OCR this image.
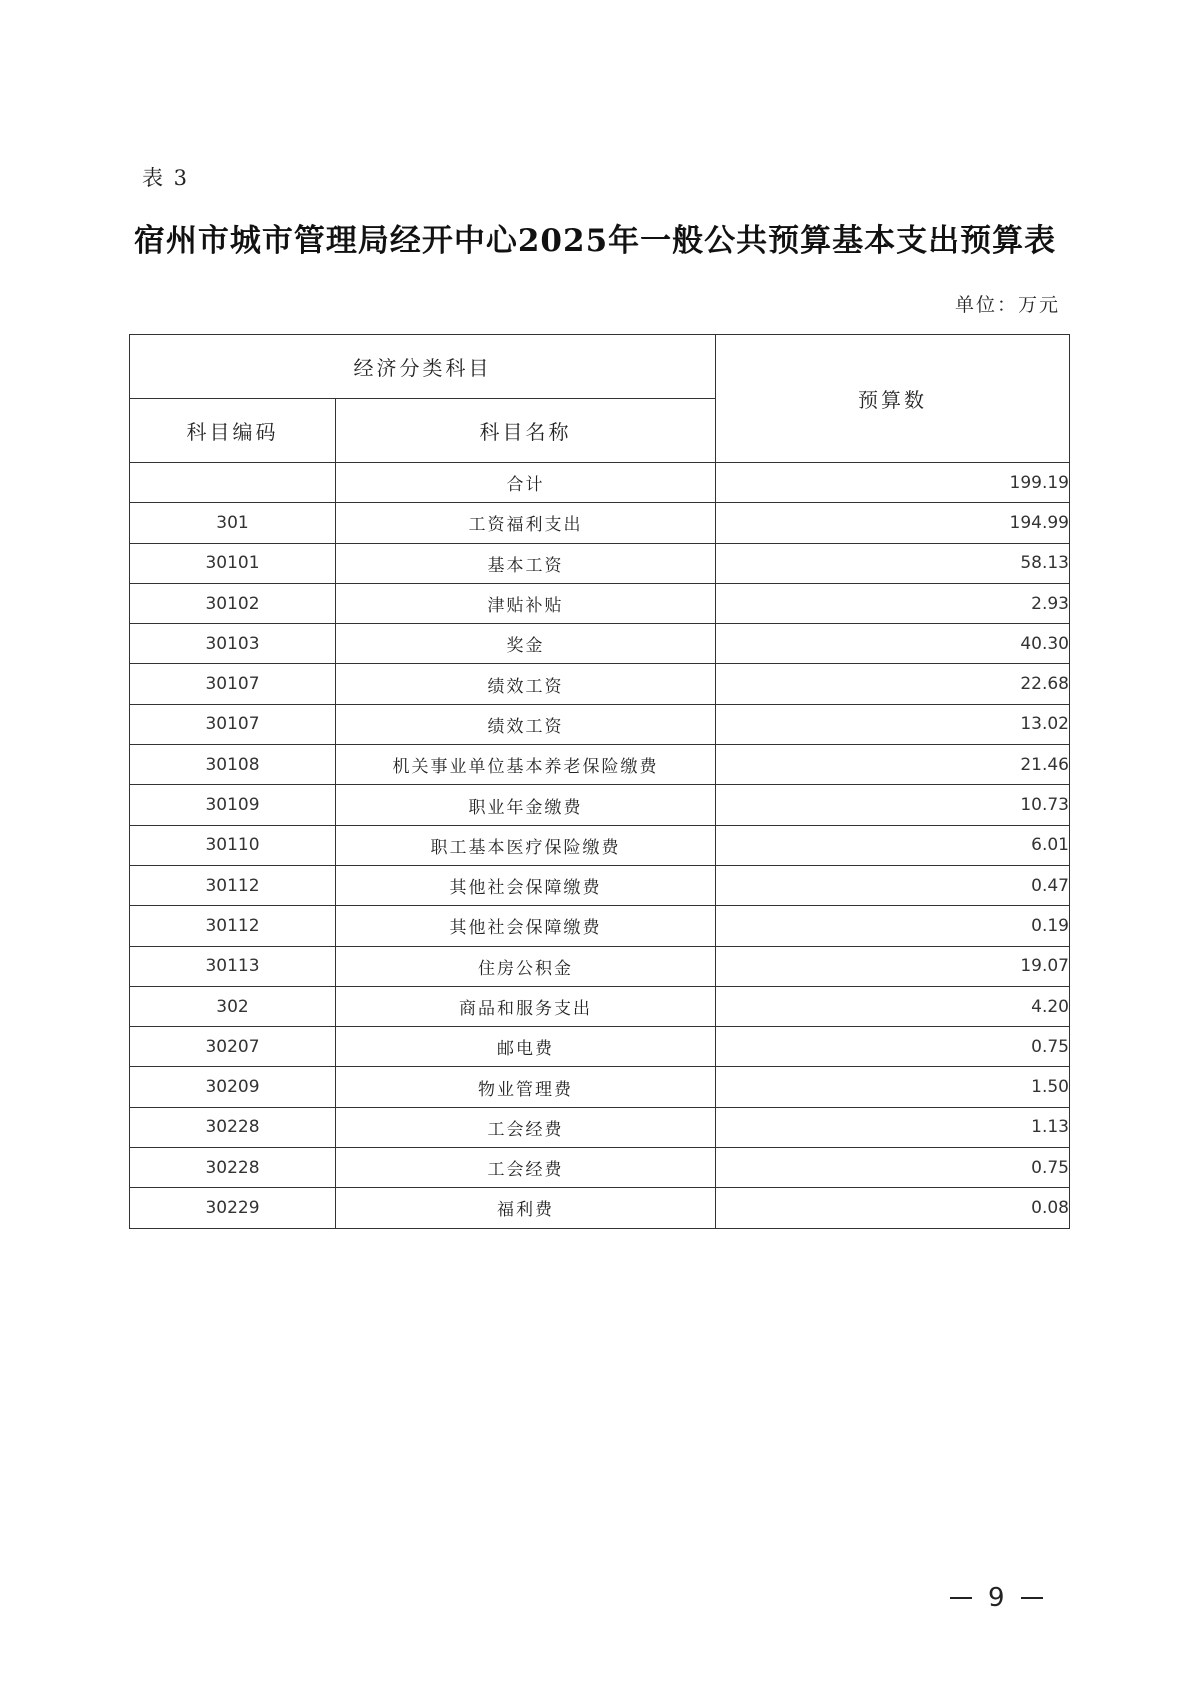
表 3
宿州市城市管理局经开中心2025年一般公共预算基本支出预算表
单位：万元
经济分类科目		预算数
科目编码	科目名称	
	合计	199.19
301	工资福利支出	194.99
30101	基本工资	58.13
30102	津贴补贴	2.93
30103	奖金	40.30
30107	绩效工资	22.68
30107	绩效工资	13.02
30108	机关事业单位基本养老保险缴费	21.46
30109	职业年金缴费	10.73
30110	职工基本医疗保险缴费	6.01
30112	其他社会保障缴费	0.47
30112	其他社会保障缴费	0.19
30113	住房公积金	19.07
302	商品和服务支出	4.20
30207	邮电费	0.75
30209	物业管理费	1.50
30228	工会经费	1.13
30228	工会经费	0.75
30229	福利费	0.08
9
